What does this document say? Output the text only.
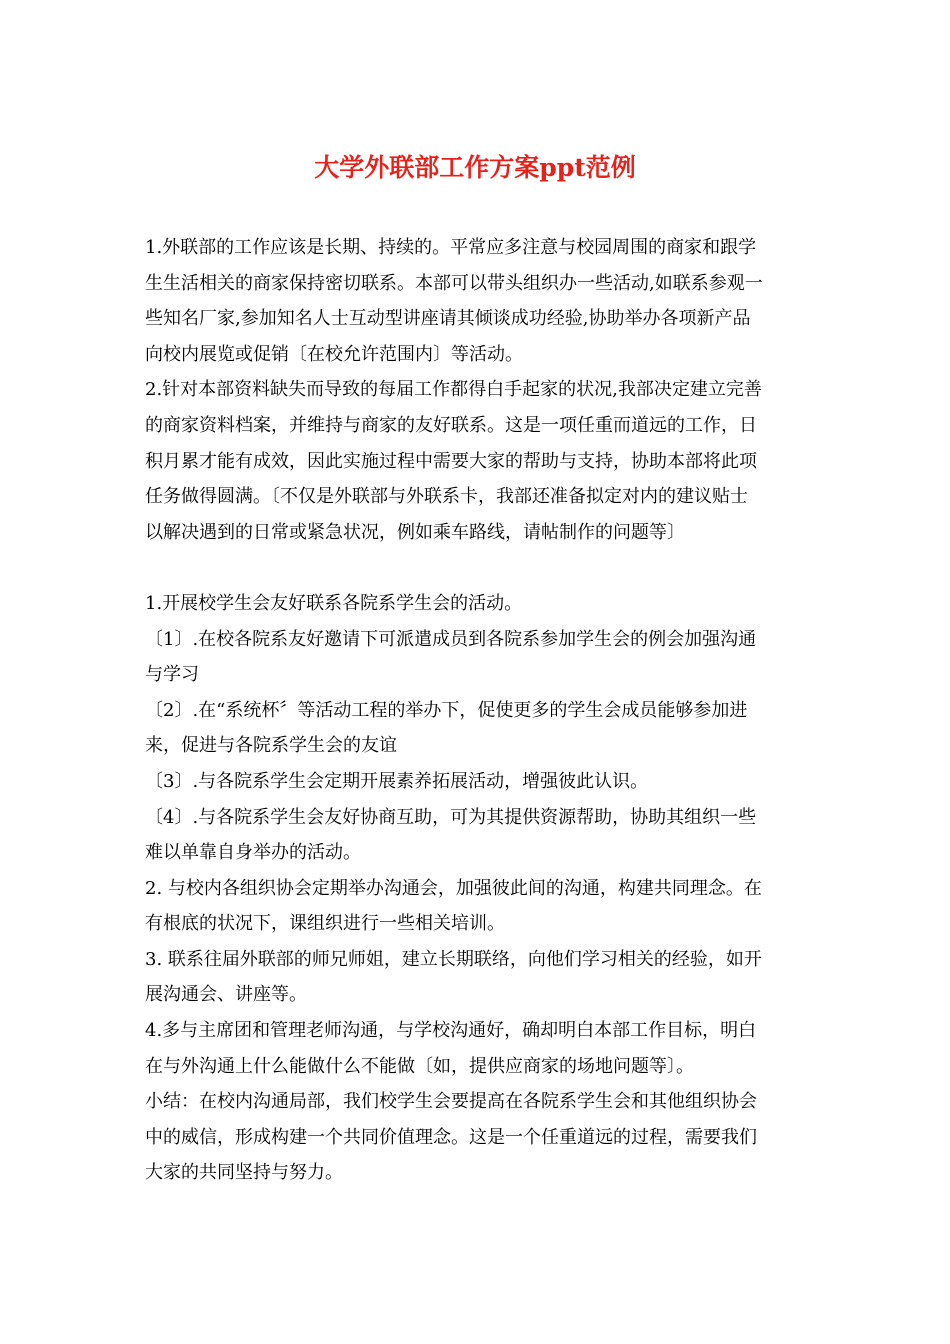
大学外联部工作方案ppt范例
1.外联部的工作应该是长期、持续的。平常应多注意与校园周围的商家和跟学
生生活相关的商家保持密切联系。本部可以带头组织办一些活动,如联系参观一
些知名厂家,参加知名人士互动型讲座请其倾谈成功经验,协助举办各项新产品
向校内展览或促销〔在校允许范围内〕等活动。
2.针对本部资料缺失而导致的每届工作都得白手起家的状况,我部决定建立完善
的商家资料档案，并维持与商家的友好联系。这是一项任重而道远的工作，日
积月累才能有成效，因此实施过程中需要大家的帮助与支持，协助本部将此项
任务做得圆满。〔不仅是外联部与外联系卡，我部还准备拟定对内的建议贴士
以解决遇到的日常或紧急状况，例如乘车路线，请帖制作的问题等〕
1.开展校学生会友好联系各院系学生会的活动。
〔1〕.在校各院系友好邀请下可派遣成员到各院系参加学生会的例会加强沟通
与学习
〔2〕.在“系统杯〞等活动工程的举办下，促使更多的学生会成员能够参加进
来，促进与各院系学生会的友谊
〔3〕.与各院系学生会定期开展素养拓展活动，增强彼此认识。
〔4〕.与各院系学生会友好协商互助，可为其提供资源帮助，协助其组织一些
难以单靠自身举办的活动。
2. 与校内各组织协会定期举办沟通会，加强彼此间的沟通，构建共同理念。在
有根底的状况下，课组织进行一些相关培训。
3. 联系往届外联部的师兄师姐，建立长期联络，向他们学习相关的经验，如开
展沟通会、讲座等。
4.多与主席团和管理老师沟通，与学校沟通好，确却明白本部工作目标，明白
在与外沟通上什么能做什么不能做〔如，提供应商家的场地问题等〕。
小结：在校内沟通局部，我们校学生会要提高在各院系学生会和其他组织协会
中的威信，形成构建一个共同价值理念。这是一个任重道远的过程，需要我们
大家的共同坚持与努力。
